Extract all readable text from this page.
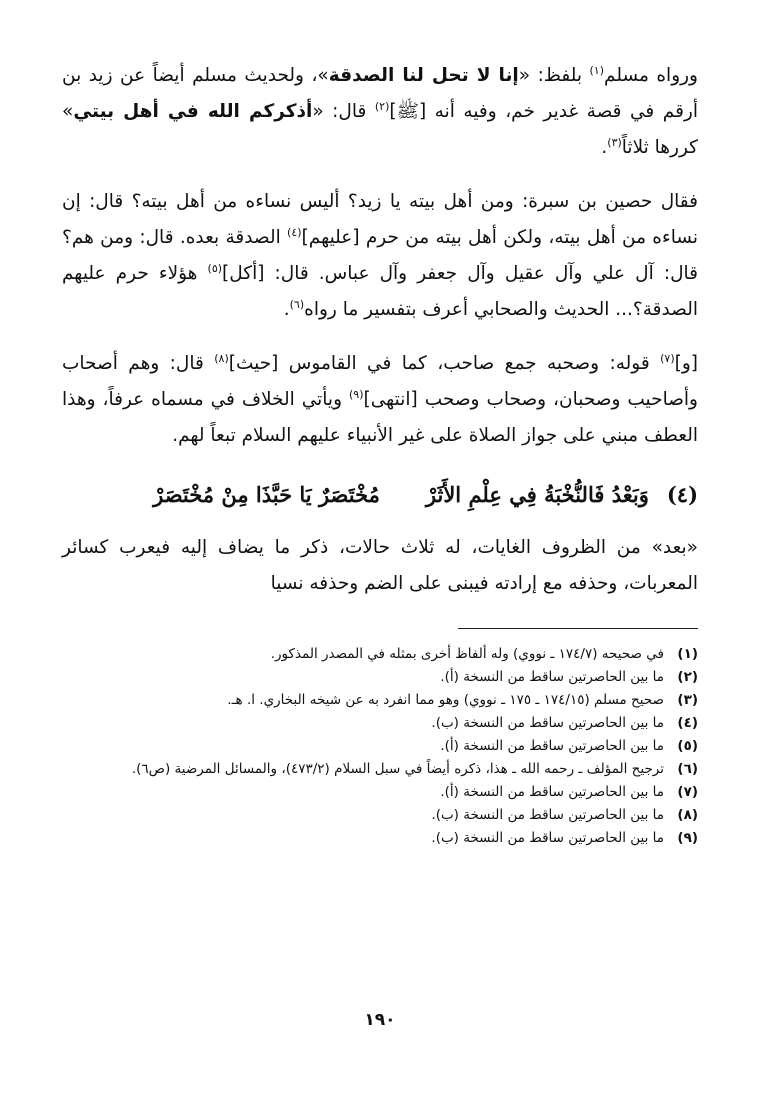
ورواه مسلم$^{(١)}$ بلفظ: «إنا لا تحل لنا الصدقة»، ولحديث مسلم أيضاً عن زيد بن أرقم في قصة غدير خم، وفيه أنه [ﷺ]$^{(٢)}$ قال: «أذكركم الله في أهل بيتي» كررها ثلاثاً$^{(٣)}$.

فقال حصين بن سبرة: ومن أهل بيته يا زيد؟ أليس نساءه من أهل بيته؟ قال: إن نساءه من أهل بيته، ولكن أهل بيته من حرم [عليهم]$^{(٤)}$ الصدقة بعده. قال: ومن هم؟ قال: آل علي وآل عقيل وآل جعفر وآل عباس. قال: [أكل]$^{(٥)}$ هؤلاء حرم عليهم الصدقة؟... الحديث والصحابي أعرف بتفسير ما رواه$^{(٦)}$.

[و]$^{(٧)}$ قوله: وصحبه جمع صاحب، كما في القاموس [حيث]$^{(٨)}$ قال: وهم أصحاب وأصاحيب وصحبان، وصحاب وصحب [انتهى]$^{(٩)}$ ويأتي الخلاف في مسماه عرفاً، وهذا العطف مبني على جواز الصلاة على غير الأنبياء عليهم السلام تبعاً لهم.

(٤)
وَبَعْدُ فَالنُّخْبَةُ فِي عِلْمِ الأَثَرْ
مُخْتَصَرٌ يَا حَبَّذَا مِنْ مُخْتَصَرْ

«بعد» من الظروف الغايات، له ثلاث حالات، ذكر ما يضاف إليه فيعرب كسائر المعربات، وحذفه مع إرادته فيبنى على الضم وحذفه نسيا

(١)
في صحيحه (١٧٤/٧ ـ نووي) وله ألفاظ أخرى بمثله في المصدر المذكور.
(٢)
ما بين الحاصرتين ساقط من النسخة (أ).
(٣)
صحيح مسلم (١٧٤/١٥ ـ ١٧٥ ـ نووي) وهو مما انفرد به عن شيخه البخاري. ا. هـ.
(٤)
ما بين الحاصرتين ساقط من النسخة (ب).
(٥)
ما بين الحاصرتين ساقط من النسخة (أ).
(٦)
ترجيح المؤلف ـ رحمه الله ـ هذا، ذكره أيضاً في سبل السلام (٤٧٣/٢)، والمسائل المرضية (ص٦).
(٧)
ما بين الحاصرتين ساقط من النسخة (أ).
(٨)
ما بين الحاصرتين ساقط من النسخة (ب).
(٩)
ما بين الحاصرتين ساقط من النسخة (ب).
١٩٠
